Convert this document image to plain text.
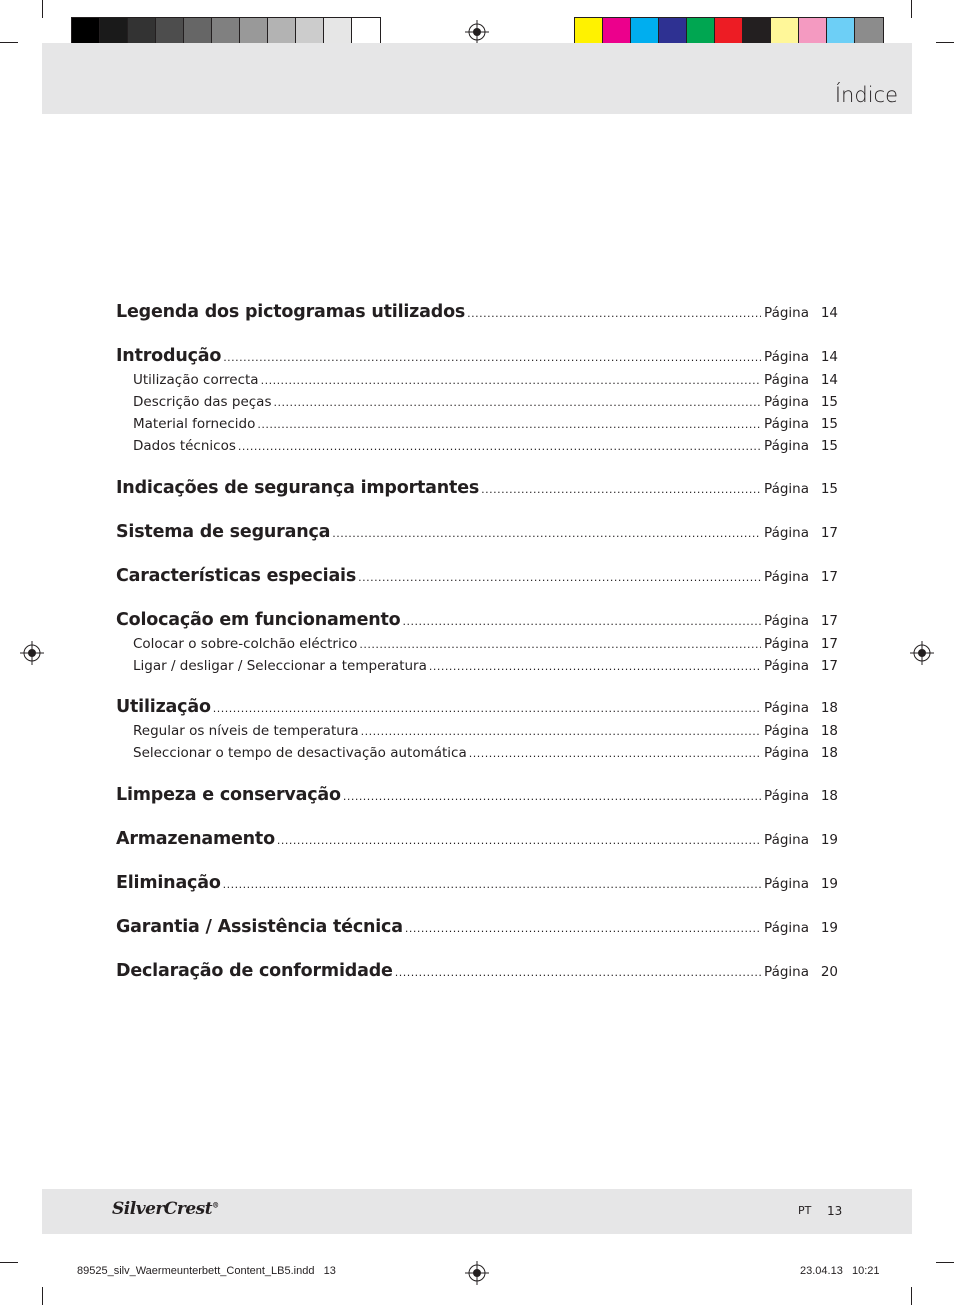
Índice
Legenda dos pictogramas utilizados .....	Página 14
Introdução .....	Página 14
Utilização correcta .....	Página 14
Descrição das peças .....	Página 15
Material fornecido .....	Página 15
Dados técnicos .....	Página 15
Indicações de segurança importantes .....	Página 15
Sistema de segurança .....	Página 17
Características especiais .....	Página 17
Colocação em funcionamento .....	Página 17
Colocar o sobre-colchão eléctrico .....	Página 17
Ligar / desligar / Seleccionar a temperatura .....	Página 17
Utilização .....	Página 18
Regular os níveis de temperatura .....	Página 18
Seleccionar o tempo de desactivação automática .....	Página 18
Limpeza e conservação .....	Página 18
Armazenamento .....	Página 19
Eliminação .....	Página 19
Garantia / Assistência técnica .....	Página 19
Declaração de conformidade .....	Página 20
SilverCrest®	PT 13
89525_silv_Waermeunterbett_Content_LB5.indd   13	23.04.13   10:21
